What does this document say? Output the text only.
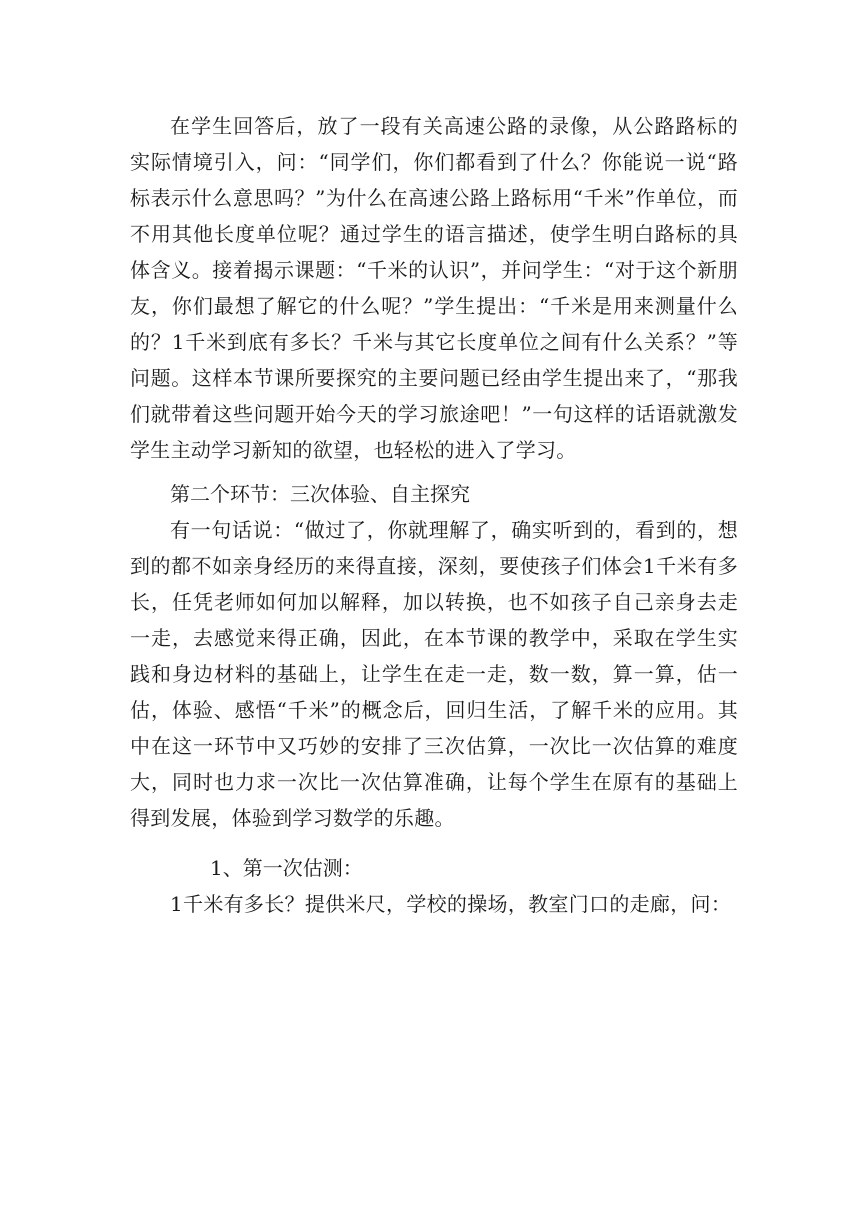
在学生回答后，放了一段有关高速公路的录像，从公路路标的实际情境引入，问：“同学们，你们都看到了什么？你能说一说“路标表示什么意思吗？”为什么在高速公路上路标用“千米”作单位，而不用其他长度单位呢？通过学生的语言描述，使学生明白路标的具体含义。接着揭示课题：“千米的认识”，并问学生：“对于这个新朋友，你们最想了解它的什么呢？”学生提出：“千米是用来测量什么的？1千米到底有多长？千米与其它长度单位之间有什么关系？”等问题。这样本节课所要探究的主要问题已经由学生提出来了，“那我们就带着这些问题开始今天的学习旅途吧！”一句这样的话语就激发学生主动学习新知的欲望，也轻松的进入了学习。

第二个环节：三次体验、自主探究

有一句话说：“做过了，你就理解了，确实听到的，看到的，想到的都不如亲身经历的来得直接，深刻，要使孩子们体会1千米有多长，任凭老师如何加以解释，加以转换，也不如孩子自己亲身去走一走，去感觉来得正确，因此，在本节课的教学中，采取在学生实践和身边材料的基础上，让学生在走一走，数一数，算一算，估一估，体验、感悟“千米”的概念后，回归生活，了解千米的应用。其中在这一环节中又巧妙的安排了三次估算，一次比一次估算的难度大，同时也力求一次比一次估算准确，让每个学生在原有的基础上得到发展，体验到学习数学的乐趣。

1、第一次估测：

1千米有多长？提供米尺，学校的操场，教室门口的走廊，问：
